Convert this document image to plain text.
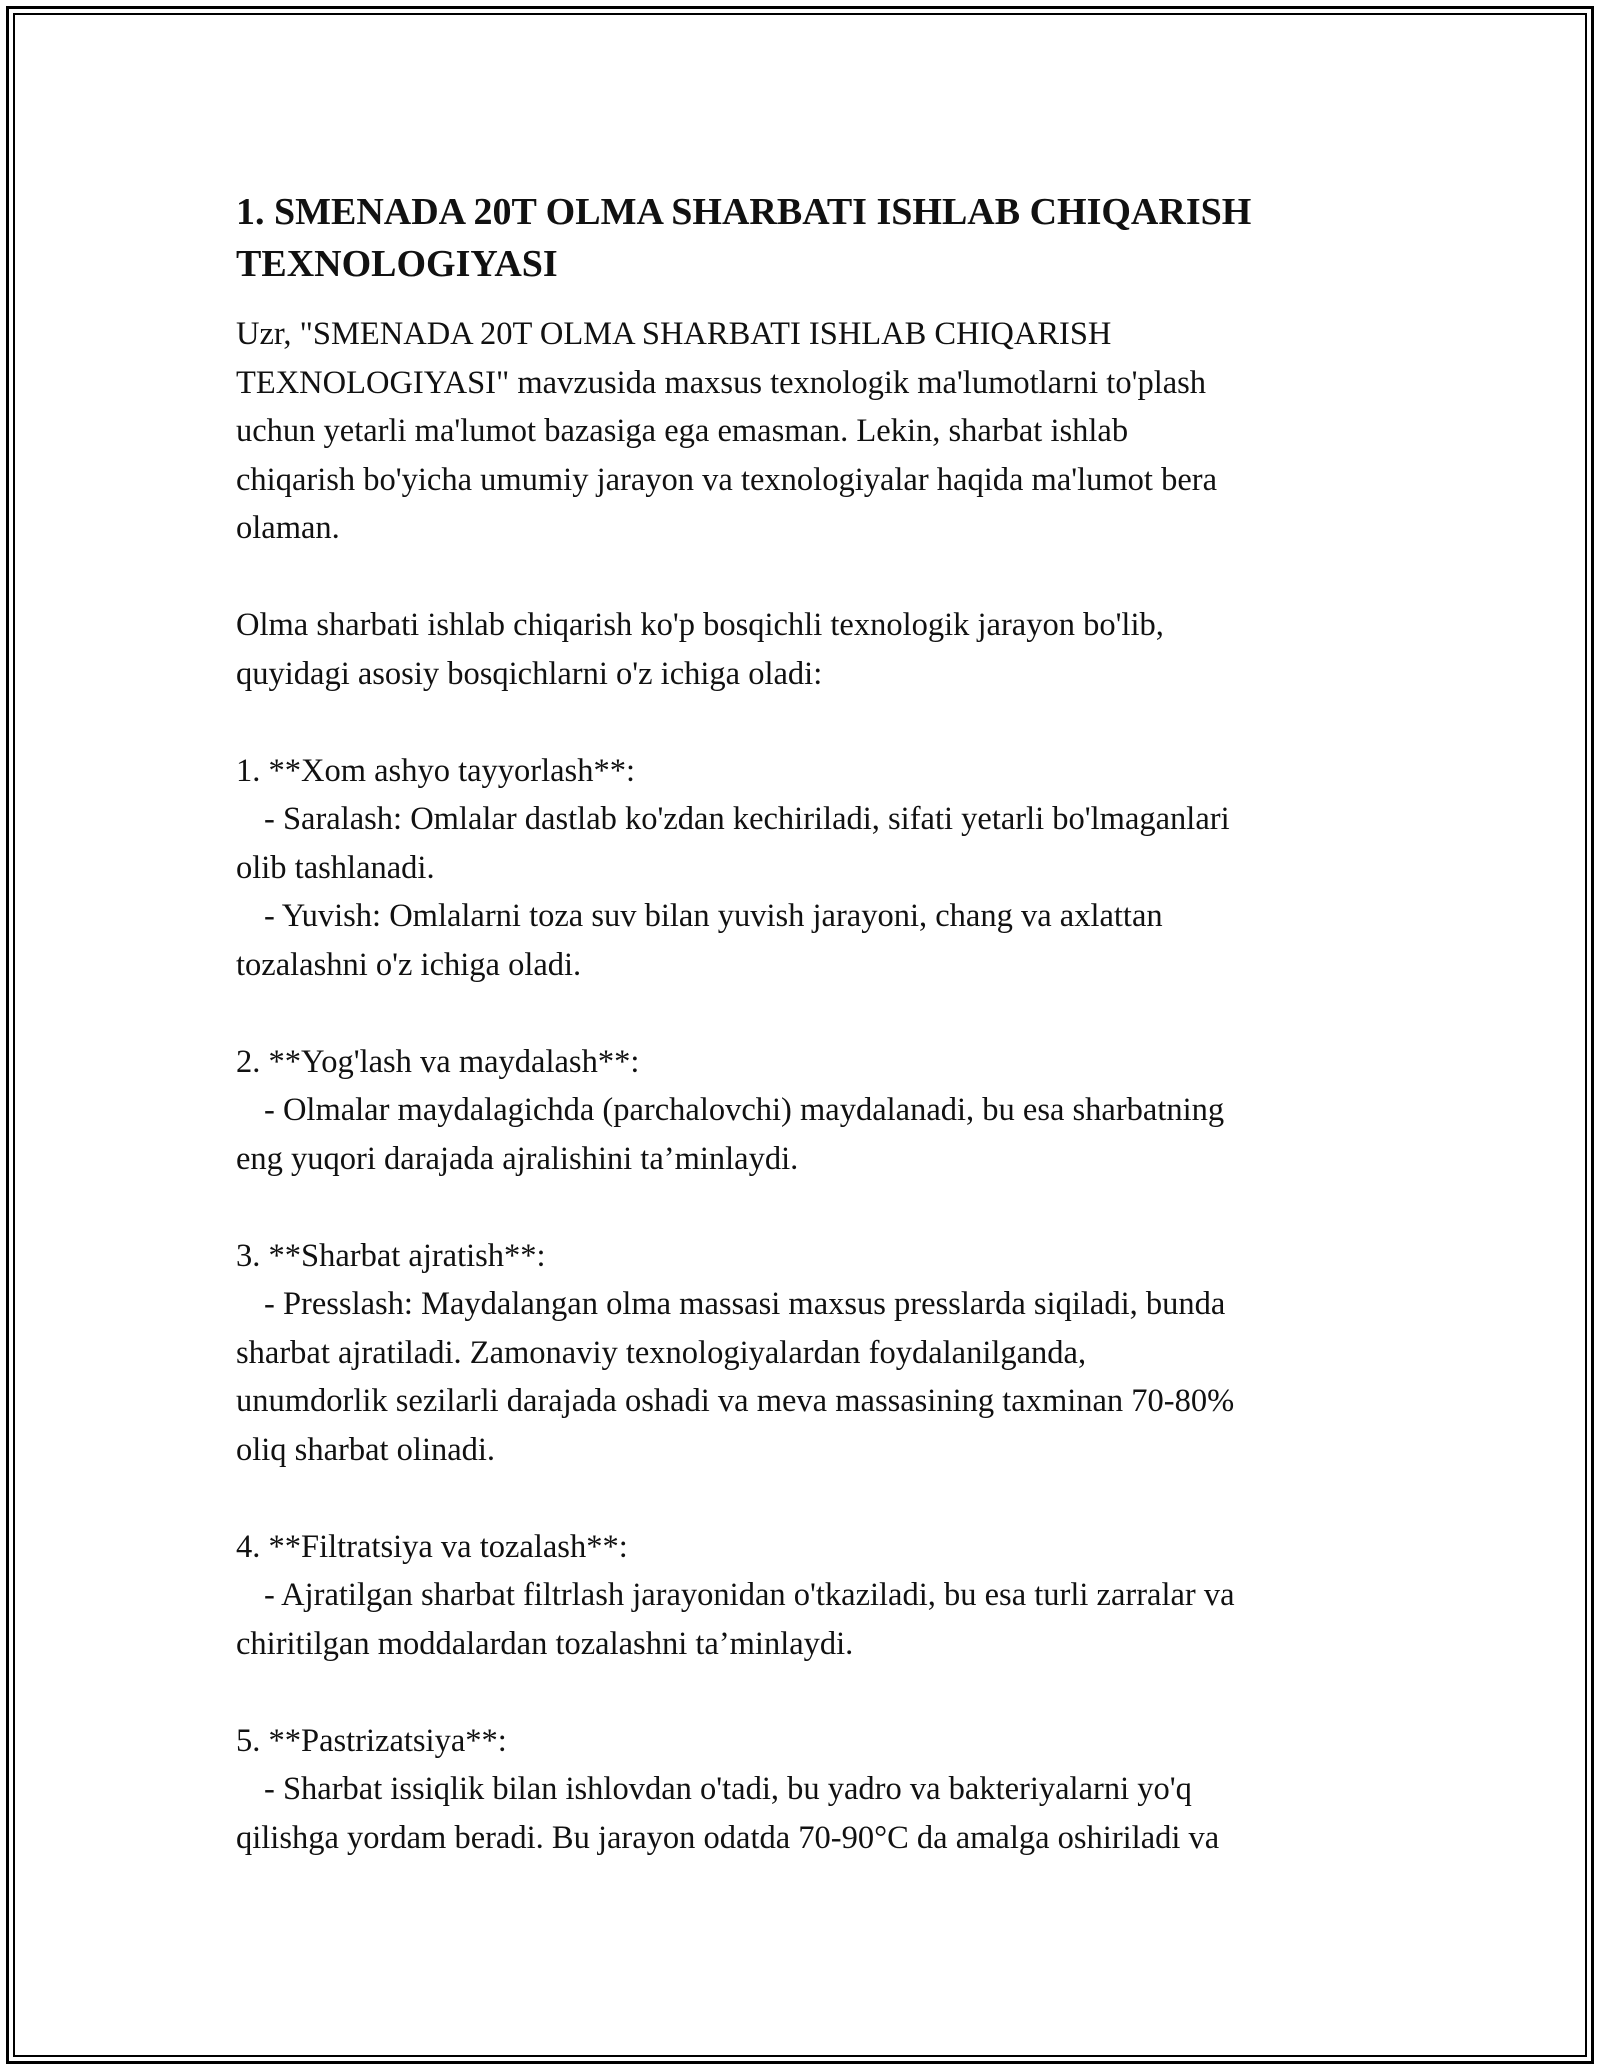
1. SMENADA 20T OLMA SHARBATI ISHLAB CHIQARISH
TEXNOLOGIYASI

Uzr, "SMENADA 20T OLMA SHARBATI ISHLAB CHIQARISH
TEXNOLOGIYASI" mavzusida maxsus texnologik ma'lumotlarni to'plash
uchun yetarli ma'lumot bazasiga ega emasman. Lekin, sharbat ishlab
chiqarish bo'yicha umumiy jarayon va texnologiyalar haqida ma'lumot bera
olaman.

Olma sharbati ishlab chiqarish ko'p bosqichli texnologik jarayon bo'lib,
quyidagi asosiy bosqichlarni o'z ichiga oladi:

1. **Xom ashyo tayyorlash**:

- Saralash: Omlalar dastlab ko'zdan kechiriladi, sifati yetarli bo'lmaganlari
olib tashlanadi.

- Yuvish: Omlalarni toza suv bilan yuvish jarayoni, chang va axlattan
tozalashni o'z ichiga oladi.

2. **Yog'lash va maydalash**:

- Olmalar maydalagichda (parchalovchi) maydalanadi, bu esa sharbatning
eng yuqori darajada ajralishini ta’minlaydi.

3. **Sharbat ajratish**:

- Presslash: Maydalangan olma massasi maxsus presslarda siqiladi, bunda
sharbat ajratiladi. Zamonaviy texnologiyalardan foydalanilganda,
unumdorlik sezilarli darajada oshadi va meva massasining taxminan 70-80%
oliq sharbat olinadi.

4. **Filtratsiya va tozalash**:

- Ajratilgan sharbat filtrlash jarayonidan o'tkaziladi, bu esa turli zarralar va
chiritilgan moddalardan tozalashni ta’minlaydi.

5. **Pastrizatsiya**:

- Sharbat issiqlik bilan ishlovdan o'tadi, bu yadro va bakteriyalarni yo'q
qilishga yordam beradi. Bu jarayon odatda 70-90°C da amalga oshiriladi va
